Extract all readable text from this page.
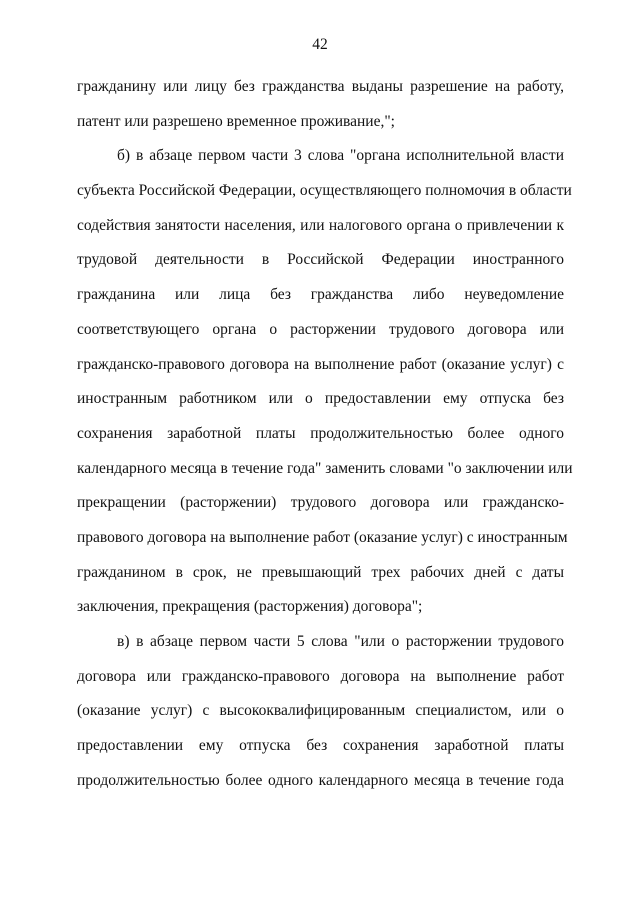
42
гражданину или лицу без гражданства выданы разрешение на работу,
патент или разрешено временное проживание,";
б) в абзаце первом части 3 слова "органа исполнительной власти
субъекта Российской Федерации, осуществляющего полномочия в области
содействия занятости населения, или налогового органа о привлечении к
трудовой деятельности в Российской Федерации иностранного
гражданина или лица без гражданства либо неуведомление
соответствующего органа о расторжении трудового договора или
гражданско-правового договора на выполнение работ (оказание услуг) с
иностранным работником или о предоставлении ему отпуска без
сохранения заработной платы продолжительностью более одного
календарного месяца в течение года" заменить словами "о заключении или
прекращении (расторжении) трудового договора или гражданско-
правового договора на выполнение работ (оказание услуг) с иностранным
гражданином в срок, не превышающий трех рабочих дней с даты
заключения, прекращения (расторжения) договора";
в) в абзаце первом части 5 слова "или о расторжении трудового
договора или гражданско-правового договора на выполнение работ
(оказание услуг) с высококвалифицированным специалистом, или о
предоставлении ему отпуска без сохранения заработной платы
продолжительностью более одного календарного месяца в течение года
